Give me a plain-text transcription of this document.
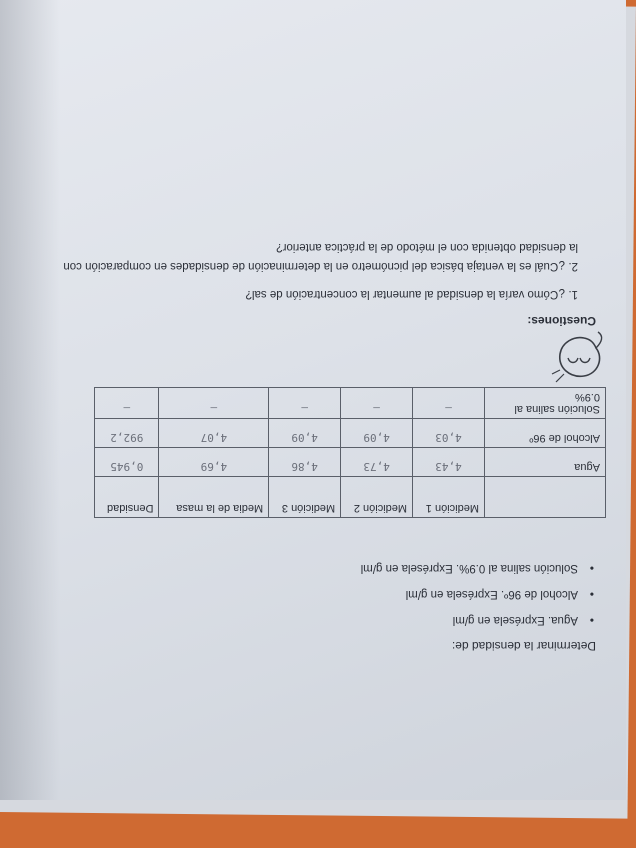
Determinar la densidad de:
• Agua. Exprésela en g/ml
• Alcohol de 96º. Exprésela en g/ml
• Solución salina al 0.9%. Exprésela en g/ml
	Medición 1	Medición 2	Medición 3	Media de la masa	Densidad
Agua	4,43	4,73	4,86	4,69	0,945
Alcohol de 96º	4,03	4,09	4,09	4,07	992,2
Solución salina al 0.9%	—	—	—	—	—
Cuestiones:
1. ¿Cómo varía la densidad al aumentar la concentración de sal?
2. ¿Cuál es la ventaja básica del picnómetro en la determinación de densidades en comparación con la densidad obtenida con el método de la práctica anterior?
